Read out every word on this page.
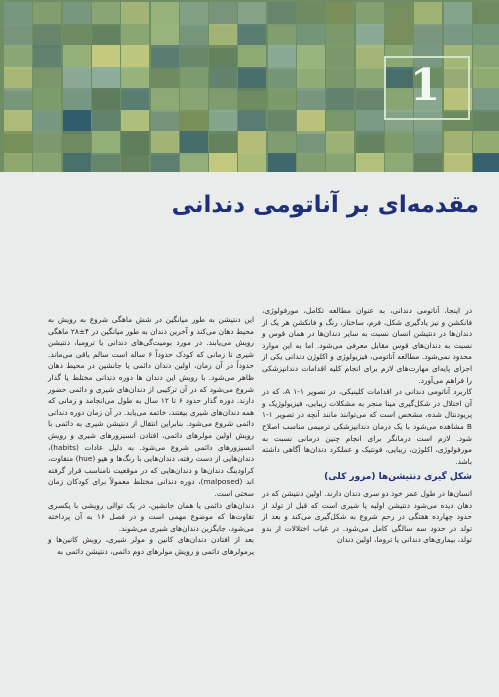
1
مقدمه‌ای بر آناتومی دندانی

در اینجا، آناتومی دندانی، به عنوان مطالعه تکامل، مورفولوژی، فانکشن و نیز یادگیری شکل، فرم، ساختار، رنگ و فانکشن هر یک از دندان‌ها در دنتیشن انسان نسبت به سایر دندان‌ها در همان قوس و نسبت به دندان‌های قوس مقابل معرفی می‌شود. اما به این موارد محدود نمی‌شود. مطالعه آناتومی، فیزیولوژی و اکلوژن دندانی یکی از اجزای پایه‌ای مهارت‌های لازم برای انجام کلیه اقدامات دندانپزشکی را فراهم می‌آورد.

کاربرد آناتومی دندانی در اقدامات کلینیکی، در تصویر ۱-۱ A، که در آن اختلال در شکل‌گیری مینا منجر به مشکلات زیبایی، فیزیولوژیک و پریودنتال شده، مشخص است که می‌توانند مانند آنچه در تصویر ۱-۱ B مشاهده می‌شود با یک درمان دندانپزشکی ترمیمی مناسب اصلاح شود. لازم است درمانگر برای انجام چنین درمانی نسبت به مورفولوژی، اکلوژن، زیبایی، فونتیک و عملکرد دندان‌ها آگاهی داشته باشد.

شکل گیری دنتیشن‌ها (مرور کلی)

انسان‌ها در طول عمر خود دو سری دندان دارند. اولین دنتیشن که در دهان دیده می‌شود دنتیشن اولیه یا شیری است که قبل از تولد از حدود چهارده هفتگی در رحم شروع به شکل‌گیری می‌کند و بعد از تولد در حدود سه سالگی کامل می‌شود. در غیاب اختلالات از بدو تولد، بیماری‌های دندانی یا تروما، اولین دندان

این دنتیشن به طور میانگین در شش ماهگی شروع به رویش به محیط دهان می‌کند و آخرین دندان به طور میانگین در ۴±۲۸ ماهگی رویش می‌یابند. در مورد بومیت‌گی‌های دندانی یا ترومبا، دنتیشن شیری تا زمانی که کودک حدوداً ۶ ساله است سالم باقی می‌ماند. حدوداً در آن زمان، اولین دندان دائمی یا جانشین در محیط دهان ظاهر می‌شود. با رویش این دندان ها دوره دندانی مختلط یا گذار شروع می‌شود که در آن ترکیبی از دندان‌های شیری و دائمی حضور دارند. دوره گذار حدود ۶ تا ۱۲ سال به طول می‌انجامد و زمانی که همه دندان‌های شیری بیفتند، خاتمه می‌یابد. در آن زمان دوره دندانی دائمی شروع می‌شود. بنابراین انتقال از دنتیشن شیری به دائمی با رویش اولین مولرهای دائمی، افتادن انسیزورهای شیری و رویش انسیزورهای دائمی شروع می‌شود. به دلیل عادات (habits)، دندان‌هایی از دست رفته، دندان‌هایی با رنگ‌ها و هیو (hue) متفاوت، کراودینگ دندان‌ها و دندان‌هایی که در موقعیت نامناسب قرار گرفته اند (malposed)، دوره دندانی مختلط معمولاً برای کودکان زمان سختی است.

دندان‌های دائمی یا همان جانشین، در یک توالی رویشی با یکسری تفاوت‌ها که موضوع مهمی است و در فصل ۱۶ به آن پرداخته می‌شود، جایگزین دندان‌های شیری می‌شوند.

بعد از افتادن دندان‌های کانین و مولر شیری، رویش کانین‌ها و پرمولرهای دائمی و رویش مولرهای دوم دائمی، دنتیشن دائمی به
